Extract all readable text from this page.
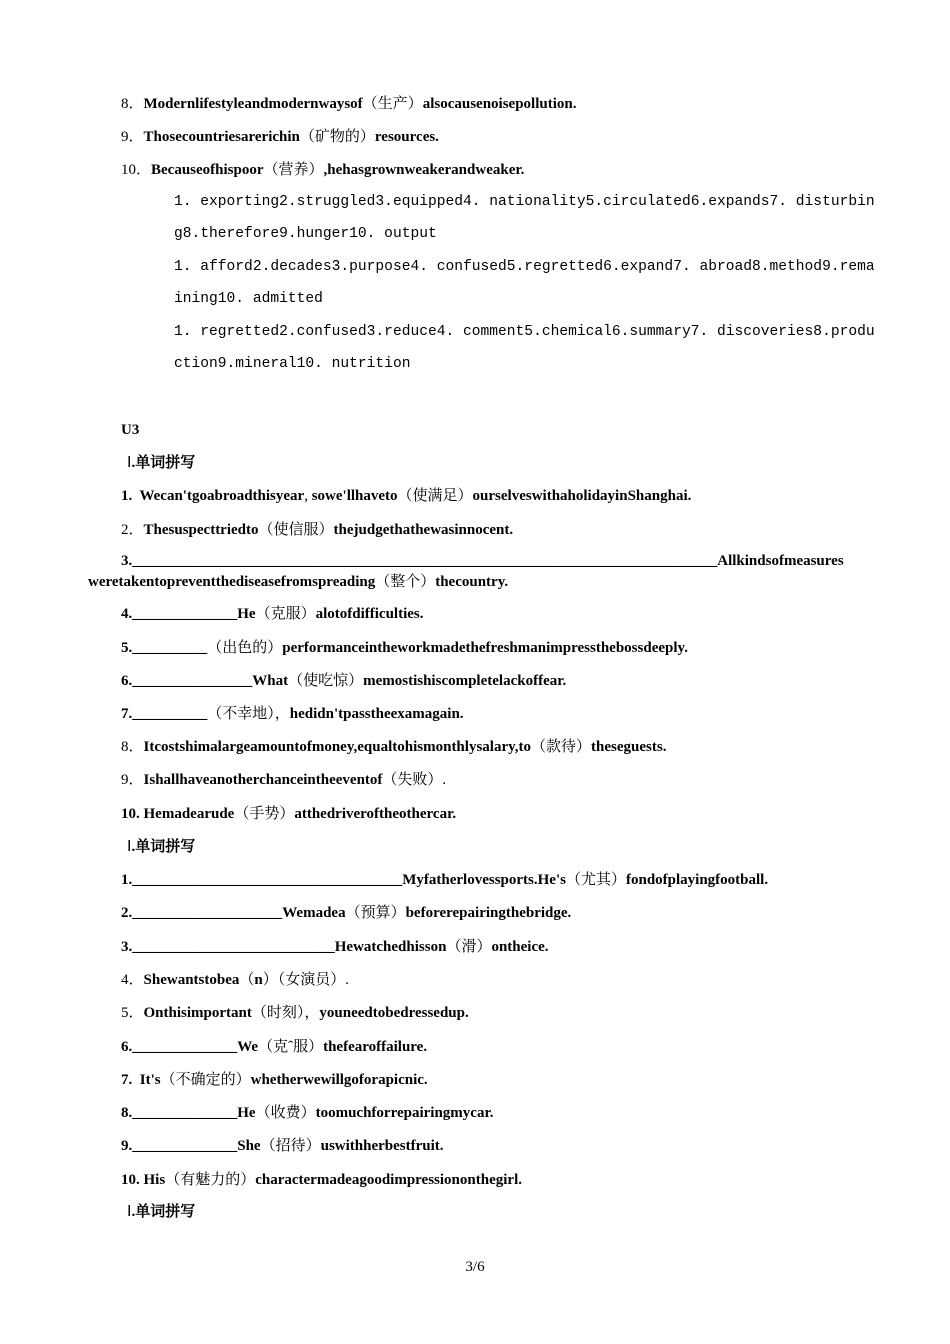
8．Modernlifestyleandmodernwaysof（生产）alsocausenoisepollution.
9．Thosecountriesarerichin（矿物的）resources.
10．Becauseofhispoor（营养）,hehasgrownweakerandweaker.
1. exporting2.struggled3.equipped4. nationality5.circulated6.expands7. disturbin
g8.therefore9.hunger10. output
1. afford2.decades3.purpose4. confused5.regretted6.expand7. abroad8.method9.rema
ining10. admitted
1. regretted2.confused3.reduce4. comment5.chemical6.summary7. discoveries8.produ
ction9.mineral10. nutrition
U3
Ⅰ.单词拼写
1.  Wecan'tgoabroadthisyear, sowe'llhaveto（使满足）ourselveswithaholidayinShanghai.
2．Thesuspecttriedto（使信服）thejudgethathewasinnocent.
3.______________________________________________________________________________Allkindsofmeasures
weretakentopreventthediseasefromspreading（整个）thecountry.
4.______________He（克服）alotofdifficulties.
5.__________（出色的）performanceintheworkmadethefreshmanimpressthebossdeeply.
6.________________What（使吃惊）memostishiscompletelackoffear.
7.__________（不幸地），hedidn'tpasstheexamagain.
8．Itcostshimalargeamountofmoney,equaltohismonthlysalary,to（款待）theseguests.
9．Ishallhaveanotherchanceintheeventof（失败）.
10. Hemadearude（手势）atthedriveroftheothercar.
Ⅰ.单词拼写
1.____________________________________Myfatherlovessports.He's（尤其）fondofplayingfootball.
2.____________________Wemadea（预算）beforerepairingthebridge.
3.___________________________Hewatchedhisson（滑）ontheice.
4．Shewantstobea（n）（女演员）.
5．Onthisimportant（时刻），youneedtobedressedup.
6.______________We（克ˆ服）thefearoffailure.
7.  It's（不确定的）whetherwewillgoforapicnic.
8.______________He（收费）toomuchforrepairingmycar.
9.______________She（招待）uswithherbestfruit.
10. His（有魅力的）charactermadeagoodimpressiononthegirl.
Ⅰ.单词拼写
3/6
